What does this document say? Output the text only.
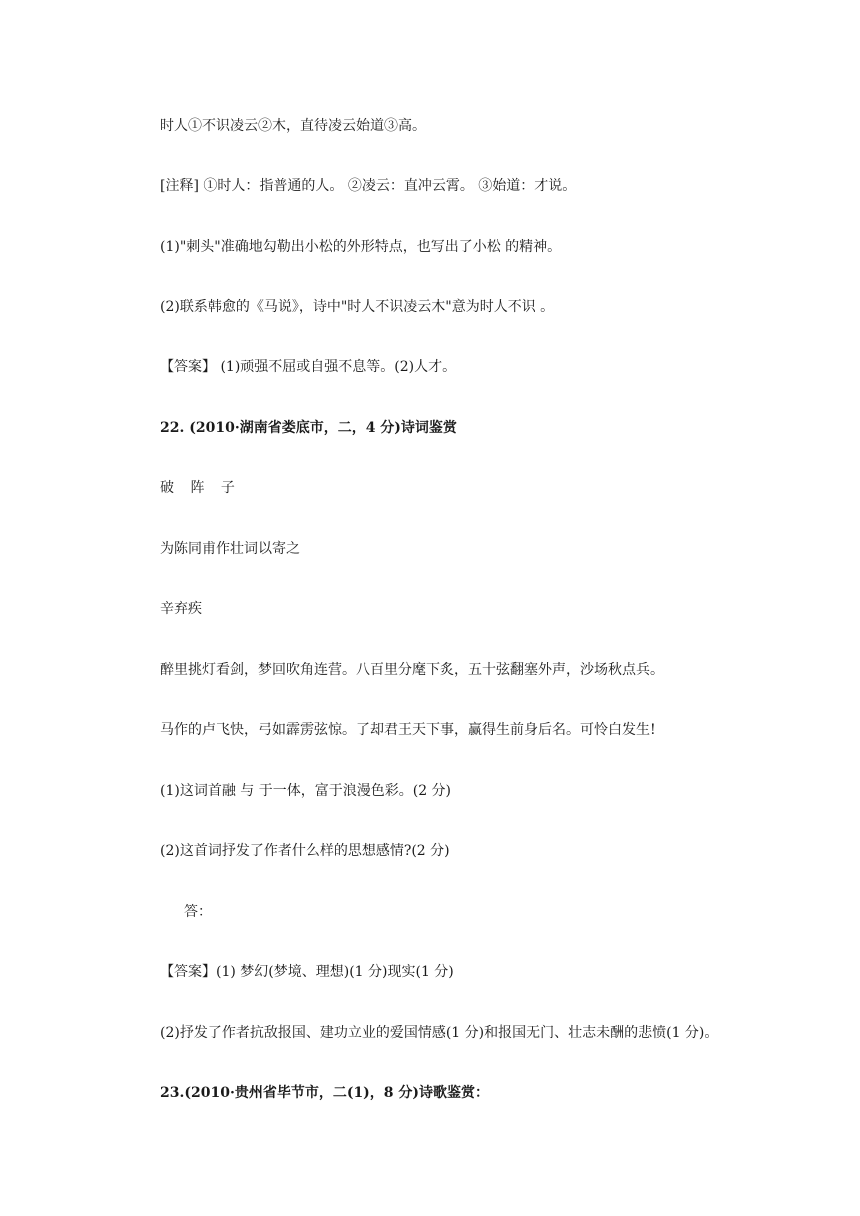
时人①不识凌云②木，直待凌云始道③高。
[注释] ①时人：指普通的人。 ②凌云：直冲云霄。 ③始道：才说。
(1)"刺头"准确地勾勒出小松的外形特点，也写出了小松 的精神。
(2)联系韩愈的《马说》，诗中"时人不识凌云木"意为时人不识 。
【答案】 (1)顽强不屈或自强不息等。(2)人才。
22. (2010·湖南省娄底市，二，4 分)诗词鉴赏
破 阵 子
为陈同甫作壮词以寄之
辛弃疾
醉里挑灯看剑，梦回吹角连营。八百里分麾下炙，五十弦翻塞外声，沙场秋点兵。
马作的卢飞快，弓如霹雳弦惊。了却君王天下事，赢得生前身后名。可怜白发生!
(1)这词首融 与 于一体，富于浪漫色彩。(2 分)
(2)这首词抒发了作者什么样的思想感情?(2 分)
答：
【答案】(1) 梦幻(梦境、理想)(1 分)现实(1 分)
(2)抒发了作者抗敌报国、建功立业的爱国情感(1 分)和报国无门、壮志未酬的悲愤(1 分)。
23.(2010·贵州省毕节市，二(1)，8 分)诗歌鉴赏：
